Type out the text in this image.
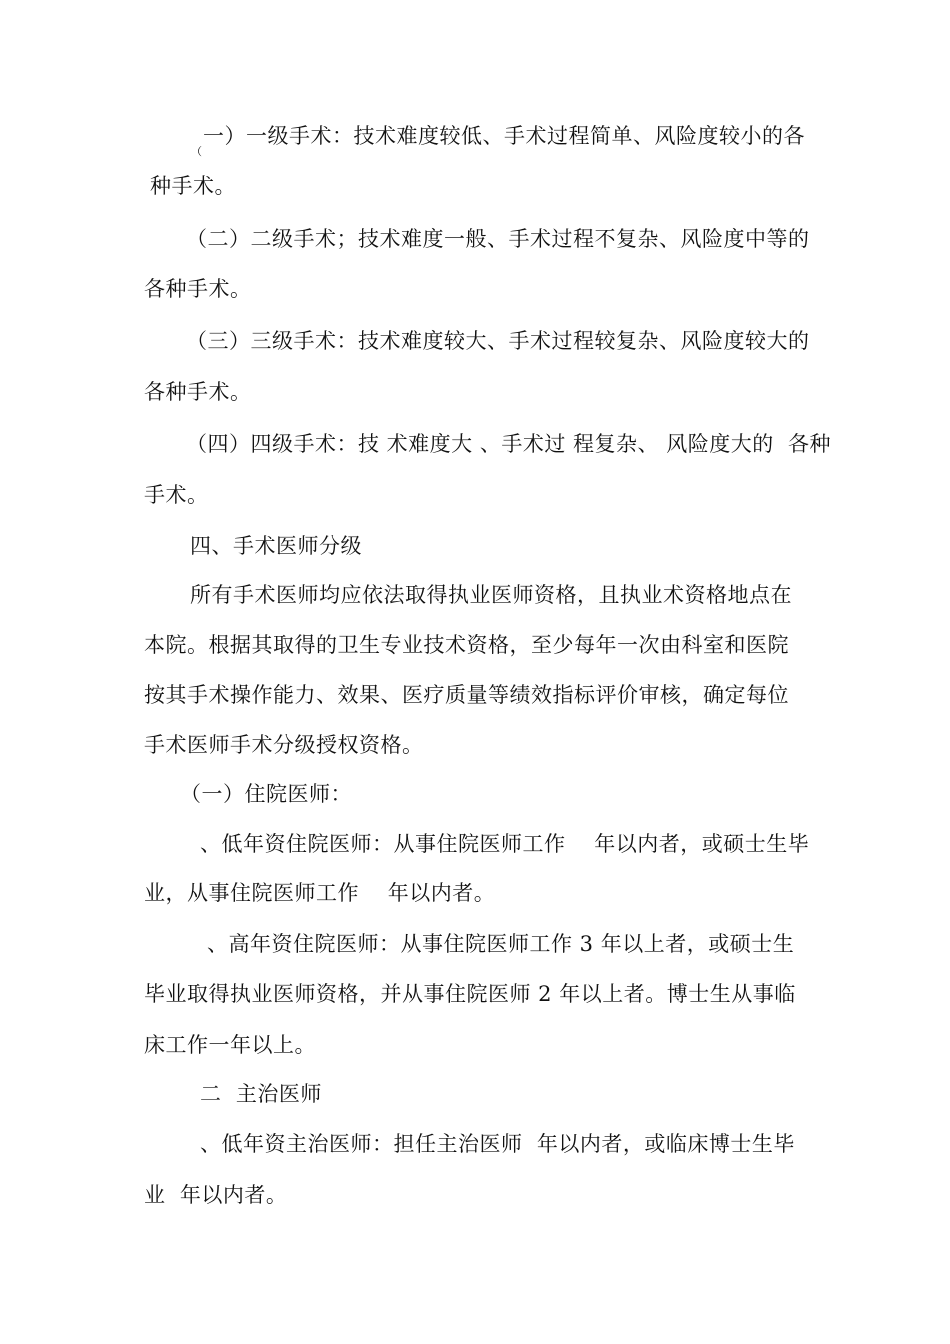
（
一）一级手术：技术难度较低、手术过程简单、风险度较小的各
种手术。
（二）二级手术；技术难度一般、手术过程不复杂、风险度中等的
各种手术。
（三）三级手术：技术难度较大、手术过程较复杂、风险度较大的
各种手术。
（四）四级手术：技 术难度大 、手术过 程复杂、 风险度大的  各种
手术。
四、手术医师分级
所有手术医师均应依法取得执业医师资格，且执业术资格地点在
本院。根据其取得的卫生专业技术资格，至少每年一次由科室和医院
按其手术操作能力、效果、医疗质量等绩效指标评价审核，确定每位
手术医师手术分级授权资格。
（一）住院医师：
、低年资住院医师：从事住院医师工作    年以内者，或硕士生毕
业，从事住院医师工作    年以内者。
、高年资住院医师：从事住院医师工作 3 年以上者，或硕士生
毕业取得执业医师资格，并从事住院医师 2 年以上者。博士生从事临
床工作一年以上。
二  主治医师
、低年资主治医师：担任主治医师  年以内者，或临床博士生毕
业  年以内者。
